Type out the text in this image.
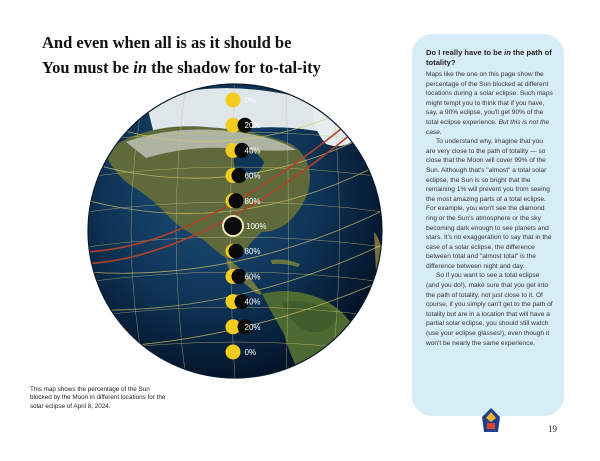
And even when all is as it should be
You must be in the shadow for to-tal-ity
0%
20%
40%
60%
80%
100%
80%
60%
40%
20%
0%
This map shows the percentage of the Sun blocked by the Moon in different locations for the solar eclipse of April 8, 2024.
Do I really have to be in the path of totality?

Maps like the one on this page show the percentage of the Sun blocked at different locations during a solar eclipse. Such maps might tempt you to think that if you have, say, a 90% eclipse, you'll get 90% of the total eclipse experience. But this is not the case.

To understand why, imagine that you are very close to the path of totality — so close that the Moon will cover 99% of the Sun. Although that's "almost" a total solar eclipse, the Sun is so bright that the remaining 1% will prevent you from seeing the most amazing parts of a total eclipse. For example, you won't see the diamond ring or the Sun's atmosphere or the sky becoming dark enough to see planets and stars. It's no exaggeration to say that in the case of a solar eclipse, the difference between total and "almost total" is the difference between night and day.

So if you want to see a total eclipse (and you do!), make sure that you get into the path of totality, not just close to it. Of course, if you simply can't get to the path of totality but are in a location that will have a partial solar eclipse, you should still watch (use your eclipse glasses!), even though it won't be nearly the same experience.

19
